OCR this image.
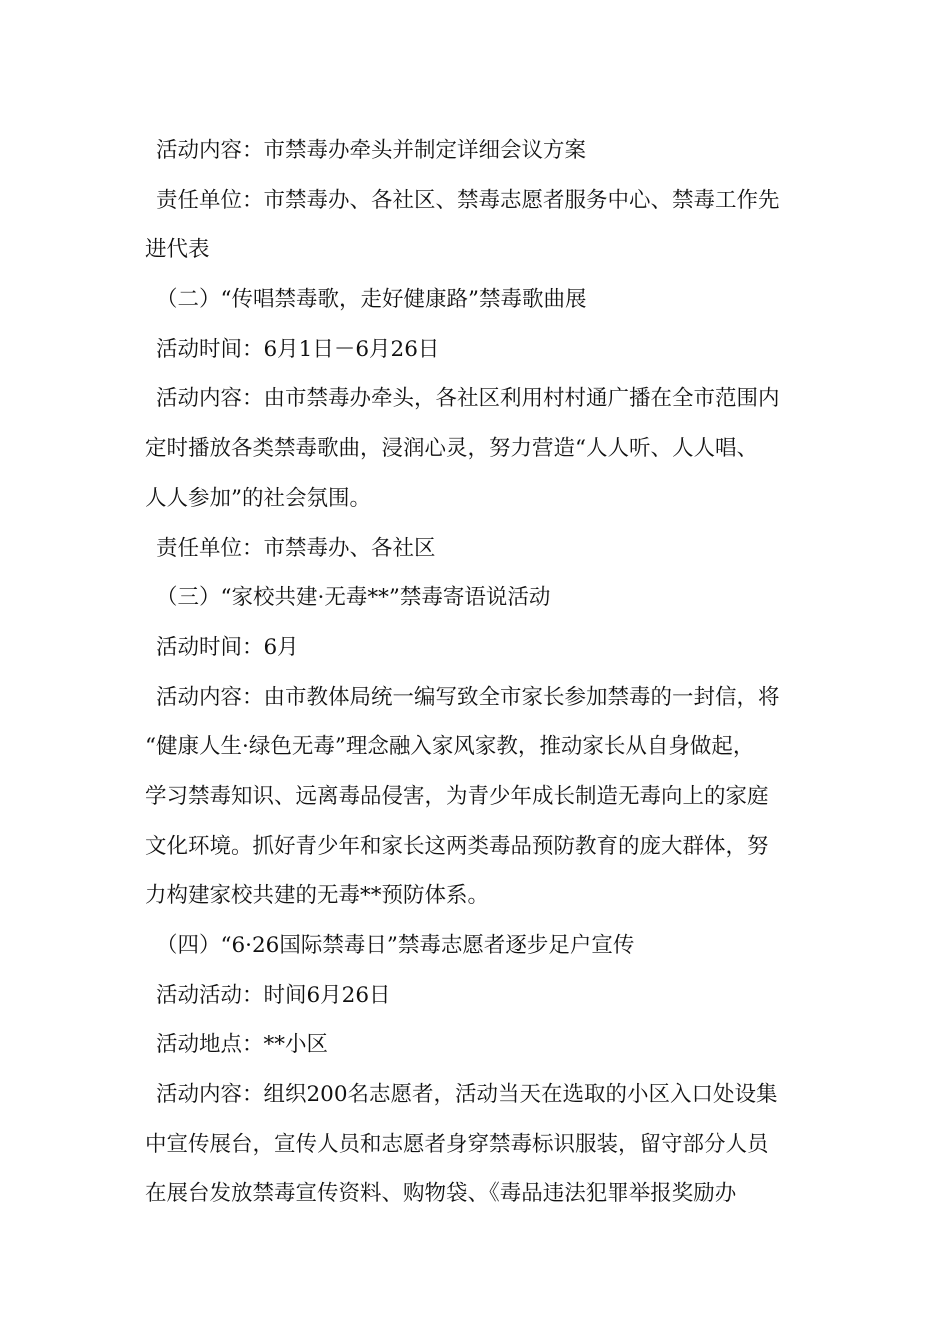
活动内容：市禁毒办牵头并制定详细会议方案
责任单位：市禁毒办、各社区、禁毒志愿者服务中心、禁毒工作先
进代表
（二）“传唱禁毒歌，走好健康路”禁毒歌曲展
活动时间：6月1日－6月26日
活动内容：由市禁毒办牵头，各社区利用村村通广播在全市范围内
定时播放各类禁毒歌曲，浸润心灵，努力营造“人人听、人人唱、
人人参加”的社会氛围。
责任单位：市禁毒办、各社区
（三）“家校共建·无毒**”禁毒寄语说活动
活动时间：6月
活动内容：由市教体局统一编写致全市家长参加禁毒的一封信，将
“健康人生·绿色无毒”理念融入家风家教，推动家长从自身做起，
学习禁毒知识、远离毒品侵害，为青少年成长制造无毒向上的家庭
文化环境。抓好青少年和家长这两类毒品预防教育的庞大群体，努
力构建家校共建的无毒**预防体系。
（四）“6·26国际禁毒日”禁毒志愿者逐步足户宣传
活动活动：时间6月26日
活动地点：**小区
活动内容：组织200名志愿者，活动当天在选取的小区入口处设集
中宣传展台，宣传人员和志愿者身穿禁毒标识服装，留守部分人员
在展台发放禁毒宣传资料、购物袋、《毒品违法犯罪举报奖励办
